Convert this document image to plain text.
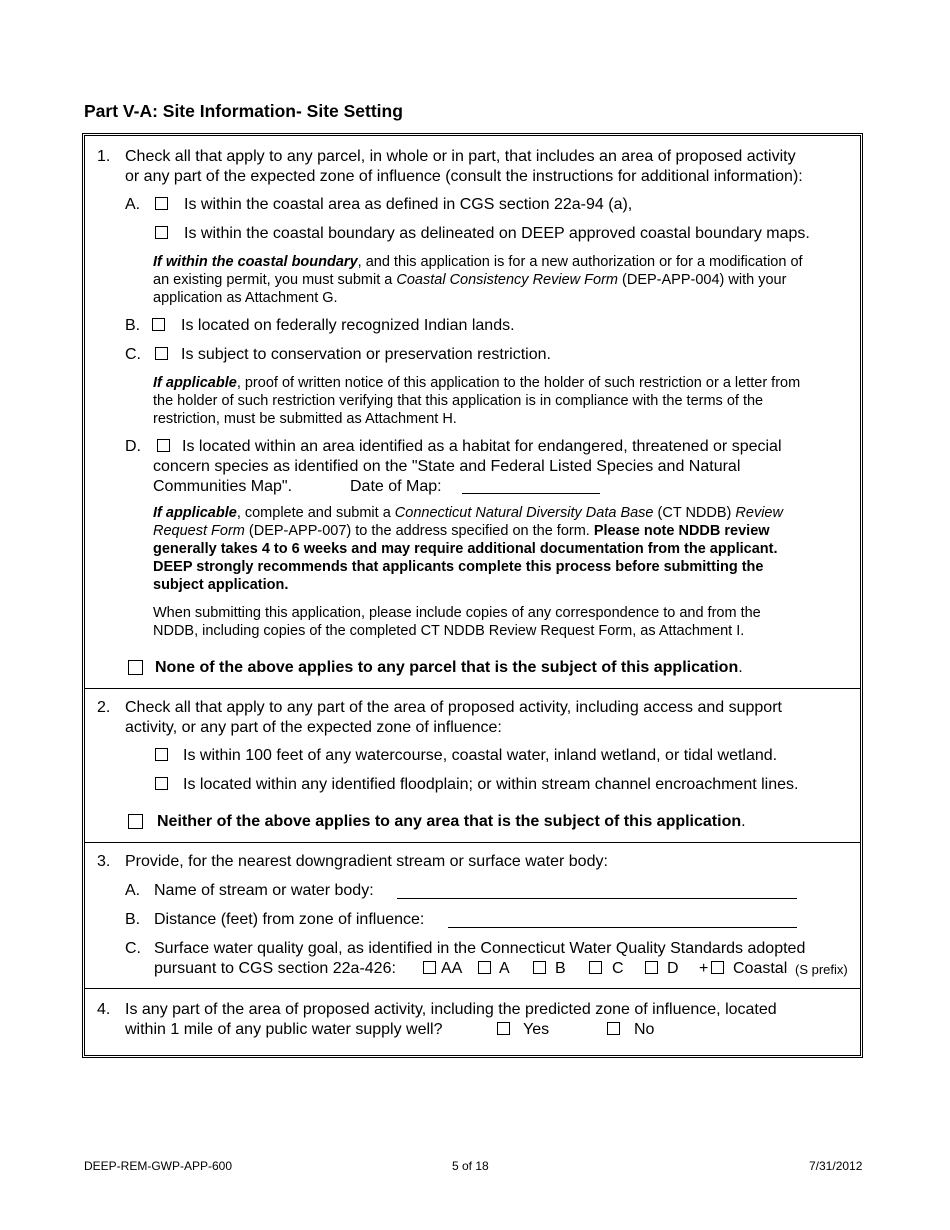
Part V-A: Site Information- Site Setting
1. Check all that apply to any parcel, in whole or in part, that includes an area of proposed activity
or any part of the expected zone of influence (consult the instructions for additional information):
A.	Is within the coastal area as defined in CGS section 22a-94 (a),
Is within the coastal boundary as delineated on DEEP approved coastal boundary maps.
If within the coastal boundary, and this application is for a new authorization or for a modification of
an existing permit, you must submit a Coastal Consistency Review Form (DEP-APP-004) with your
application as Attachment G.
B.	Is located on federally recognized Indian lands.
C.	Is subject to conservation or preservation restriction.
If applicable, proof of written notice of this application to the holder of such restriction or a letter from
the holder of such restriction verifying that this application is in compliance with the terms of the
restriction, must be submitted as Attachment H.
D.	Is located within an area identified as a habitat for endangered, threatened or special
concern species as identified on the "State and Federal Listed Species and Natural
Communities Map".	Date of Map:
If applicable, complete and submit a Connecticut Natural Diversity Data Base (CT NDDB) Review
Request Form (DEP-APP-007) to the address specified on the form. Please note NDDB review
generally takes 4 to 6 weeks and may require additional documentation from the applicant.
DEEP strongly recommends that applicants complete this process before submitting the
subject application.
When submitting this application, please include copies of any correspondence to and from the
NDDB, including copies of the completed CT NDDB Review Request Form, as Attachment I.
None of the above applies to any parcel that is the subject of this application.
2. Check all that apply to any part of the area of proposed activity, including access and support
activity, or any part of the expected zone of influence:
Is within 100 feet of any watercourse, coastal water, inland wetland, or tidal wetland.
Is located within any identified floodplain; or within stream channel encroachment lines.
Neither of the above applies to any area that is the subject of this application.
3. Provide, for the nearest downgradient stream or surface water body:
A. Name of stream or water body:
B. Distance (feet) from zone of influence:
C. Surface water quality goal, as identified in the Connecticut Water Quality Standards adopted
pursuant to CGS section 22a-426:	AA A	B	C	D + Coastal (S prefix)
4. Is any part of the area of proposed activity, including the predicted zone of influence, located
within 1 mile of any public water supply well?	Yes	No
DEEP-REM-GWP-APP-600	5 of 18	7/31/2012
